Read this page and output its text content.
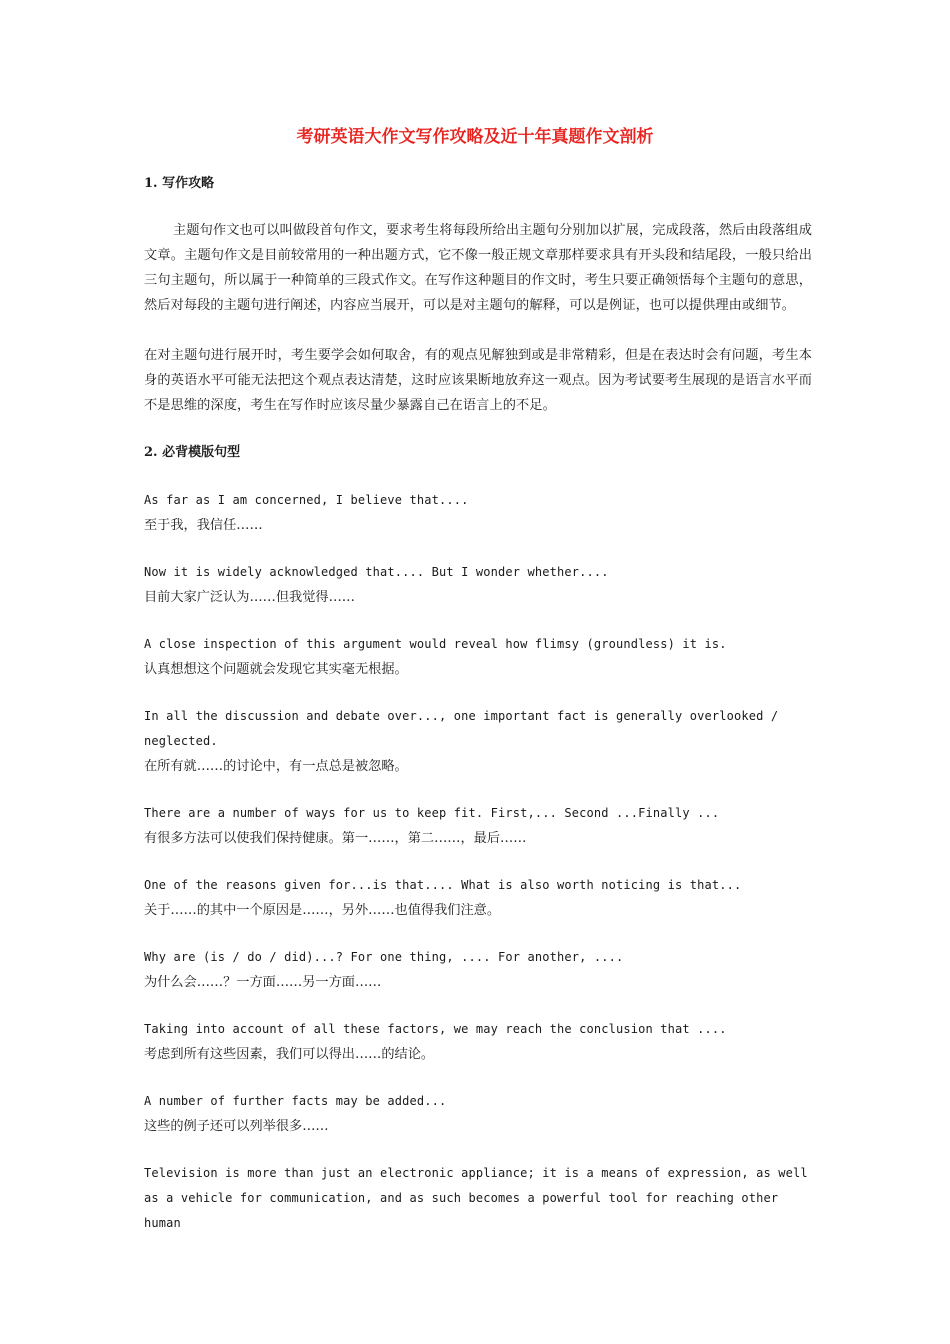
考研英语大作文写作攻略及近十年真题作文剖析
1. 写作攻略

主题句作文也可以叫做段首句作文，要求考生将每段所给出主题句分别加以扩展，完成段落，然后由段落组成文章。主题句作文是目前较常用的一种出题方式，它不像一般正规文章那样要求具有开头段和结尾段，一般只给出三句主题句，所以属于一种简单的三段式作文。在写作这种题目的作文时，考生只要正确领悟每个主题句的意思，然后对每段的主题句进行阐述，内容应当展开，可以是对主题句的解释，可以是例证，也可以提供理由或细节。

在对主题句进行展开时，考生要学会如何取舍，有的观点见解独到或是非常精彩，但是在表达时会有问题，考生本身的英语水平可能无法把这个观点表达清楚，这时应该果断地放弃这一观点。因为考试要考生展现的是语言水平而不是思维的深度，考生在写作时应该尽量少暴露自己在语言上的不足。

2. 必背模版句型
As far as I am concerned, I believe that....
至于我，我信任……
Now it is widely acknowledged that.... But I wonder whether....
目前大家广泛认为……但我觉得……
A close inspection of this argument would reveal how flimsy (groundless) it is.
认真想想这个问题就会发现它其实毫无根据。
In all the discussion and debate over..., one important fact is generally overlooked / neglected.
在所有就……的讨论中，有一点总是被忽略。
There are a number of ways for us to keep fit. First,... Second ...Finally ...
有很多方法可以使我们保持健康。第一……，第二……，最后……
One of the reasons given for...is that.... What is also worth noticing is that...
关于……的其中一个原因是……，另外……也值得我们注意。
Why are (is / do / did)...? For one thing, .... For another, ....
为什么会……？一方面……另一方面……
Taking into account of all these factors, we may reach the conclusion that ....
考虑到所有这些因素，我们可以得出……的结论。
A number of further facts may be added...
这些的例子还可以列举很多……
Television is more than just an electronic appliance; it is a means of expression, as well as a vehicle for communication, and as such becomes a powerful tool for reaching other human
